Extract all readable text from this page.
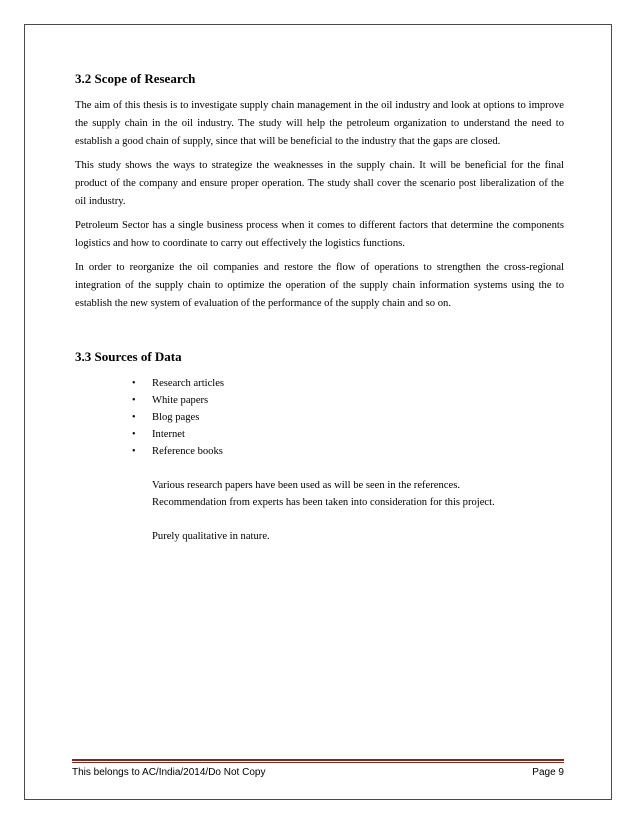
3.2 Scope of Research

The aim of this thesis is to investigate supply chain management in the oil industry and look at options to improve the supply chain in the oil industry. The study will help the petroleum organization to understand the need to establish a good chain of supply, since that will be beneficial to the industry that the gaps are closed.

This study shows the ways to strategize the weaknesses in the supply chain. It will be beneficial for the final product of the company and ensure proper operation. The study shall cover the scenario post liberalization of the oil industry.

Petroleum Sector has a single business process when it comes to different factors that determine the components logistics and how to coordinate to carry out effectively the logistics functions.

In order to reorganize the oil companies and restore the flow of operations to strengthen the cross-regional integration of the supply chain to optimize the operation of the supply chain information systems using the to establish the new system of evaluation of the performance of the supply chain and so on.

3.3 Sources of Data
•	Research articles
•	White papers
•	Blog pages
•	Internet
•	Reference books

Various research papers have been used as will be seen in the references.

Recommendation from experts has been taken into consideration for this project.

Purely qualitative in nature.

This belongs to AC/India/2014/Do Not Copy	Page 9
